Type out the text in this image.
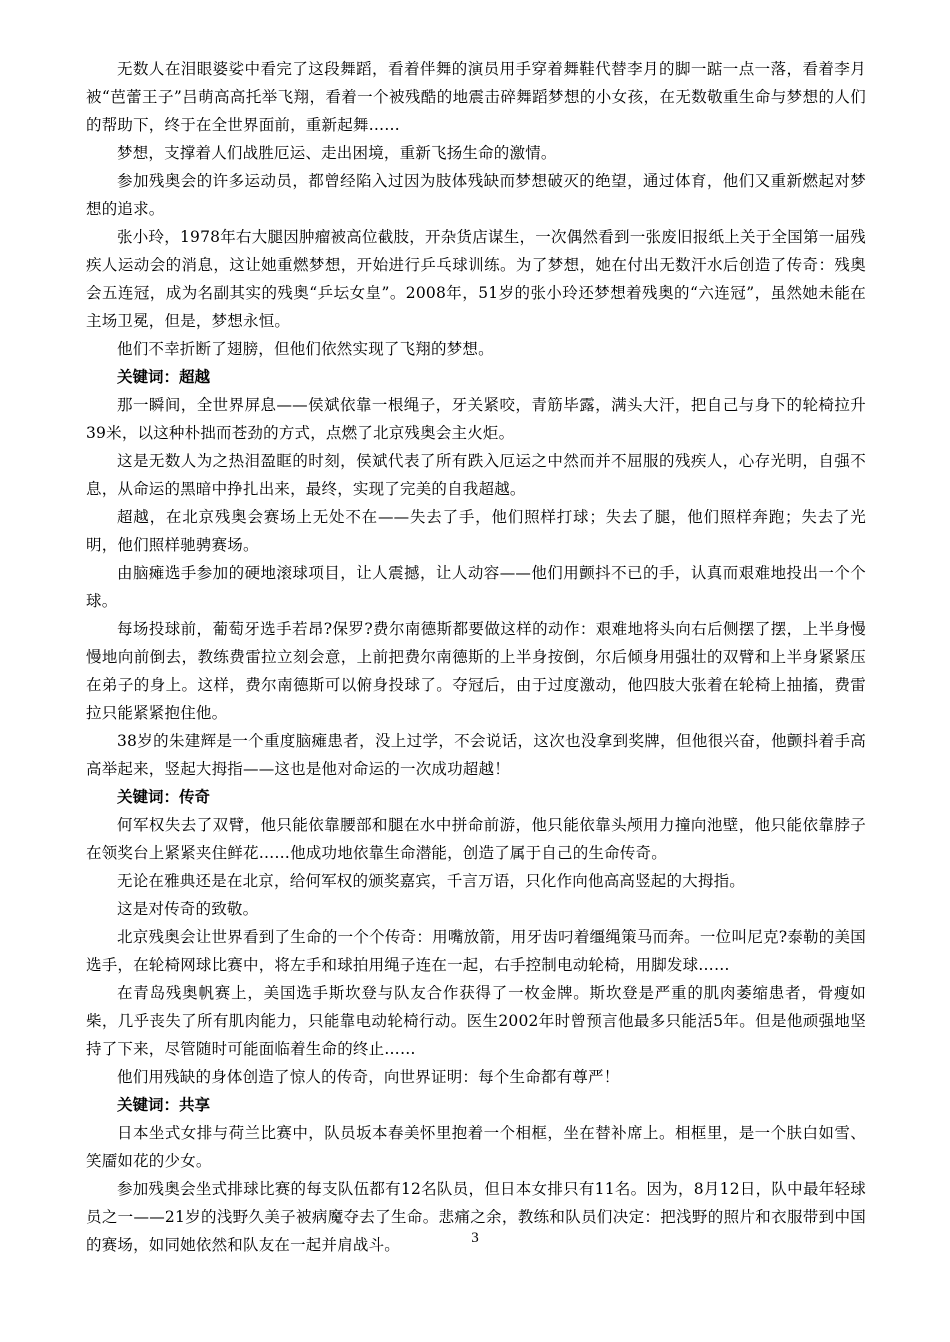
无数人在泪眼婆娑中看完了这段舞蹈，看着伴舞的演员用手穿着舞鞋代替李月的脚一踮一点一落，看着李月被“芭蕾王子”吕萌高高托举飞翔，看着一个被残酷的地震击碎舞蹈梦想的小女孩，在无数敬重生命与梦想的人们的帮助下，终于在全世界面前，重新起舞……

梦想，支撑着人们战胜厄运、走出困境，重新飞扬生命的激情。

参加残奥会的许多运动员，都曾经陷入过因为肢体残缺而梦想破灭的绝望，通过体育，他们又重新燃起对梦想的追求。

张小玲，1978年右大腿因肿瘤被高位截肢，开杂货店谋生，一次偶然看到一张废旧报纸上关于全国第一届残疾人运动会的消息，这让她重燃梦想，开始进行乒乓球训练。为了梦想，她在付出无数汗水后创造了传奇：残奥会五连冠，成为名副其实的残奥“乒坛女皇”。2008年，51岁的张小玲还梦想着残奥的“六连冠”，虽然她未能在主场卫冕，但是，梦想永恒。

他们不幸折断了翅膀，但他们依然实现了飞翔的梦想。

关键词：超越

那一瞬间，全世界屏息——侯斌依靠一根绳子，牙关紧咬，青筋毕露，满头大汗，把自己与身下的轮椅拉升39米，以这种朴拙而苍劲的方式，点燃了北京残奥会主火炬。

这是无数人为之热泪盈眶的时刻，侯斌代表了所有跌入厄运之中然而并不屈服的残疾人，心存光明，自强不息，从命运的黑暗中挣扎出来，最终，实现了完美的自我超越。

超越，在北京残奥会赛场上无处不在——失去了手，他们照样打球；失去了腿，他们照样奔跑；失去了光明，他们照样驰骋赛场。

由脑瘫选手参加的硬地滚球项目，让人震撼，让人动容——他们用颤抖不已的手，认真而艰难地投出一个个球。

每场投球前，葡萄牙选手若昂?保罗?费尔南德斯都要做这样的动作：艰难地将头向右后侧摆了摆，上半身慢慢地向前倒去，教练费雷拉立刻会意，上前把费尔南德斯的上半身按倒，尔后倾身用强壮的双臂和上半身紧紧压在弟子的身上。这样，费尔南德斯可以俯身投球了。夺冠后，由于过度激动，他四肢大张着在轮椅上抽搐，费雷拉只能紧紧抱住他。

38岁的朱建辉是一个重度脑瘫患者，没上过学，不会说话，这次也没拿到奖牌，但他很兴奋，他颤抖着手高高举起来，竖起大拇指——这也是他对命运的一次成功超越！

关键词：传奇

何军权失去了双臂，他只能依靠腰部和腿在水中拼命前游，他只能依靠头颅用力撞向池壁，他只能依靠脖子在领奖台上紧紧夹住鲜花……他成功地依靠生命潜能，创造了属于自己的生命传奇。

无论在雅典还是在北京，给何军权的颁奖嘉宾，千言万语，只化作向他高高竖起的大拇指。

这是对传奇的致敬。

北京残奥会让世界看到了生命的一个个传奇：用嘴放箭，用牙齿叼着缰绳策马而奔。一位叫尼克?泰勒的美国选手，在轮椅网球比赛中，将左手和球拍用绳子连在一起，右手控制电动轮椅，用脚发球……

在青岛残奥帆赛上，美国选手斯坎登与队友合作获得了一枚金牌。斯坎登是严重的肌肉萎缩患者，骨瘦如柴，几乎丧失了所有肌肉能力，只能靠电动轮椅行动。医生2002年时曾预言他最多只能活5年。但是他顽强地坚持了下来，尽管随时可能面临着生命的终止……

他们用残缺的身体创造了惊人的传奇，向世界证明：每个生命都有尊严！

关键词：共享

日本坐式女排与荷兰比赛中，队员坂本春美怀里抱着一个相框，坐在替补席上。相框里，是一个肤白如雪、笑靥如花的少女。

参加残奥会坐式排球比赛的每支队伍都有12名队员，但日本女排只有11名。因为，8月12日，队中最年轻球员之一——21岁的浅野久美子被病魔夺去了生命。悲痛之余，教练和队员们决定：把浅野的照片和衣服带到中国的赛场，如同她依然和队友在一起并肩战斗。	3
